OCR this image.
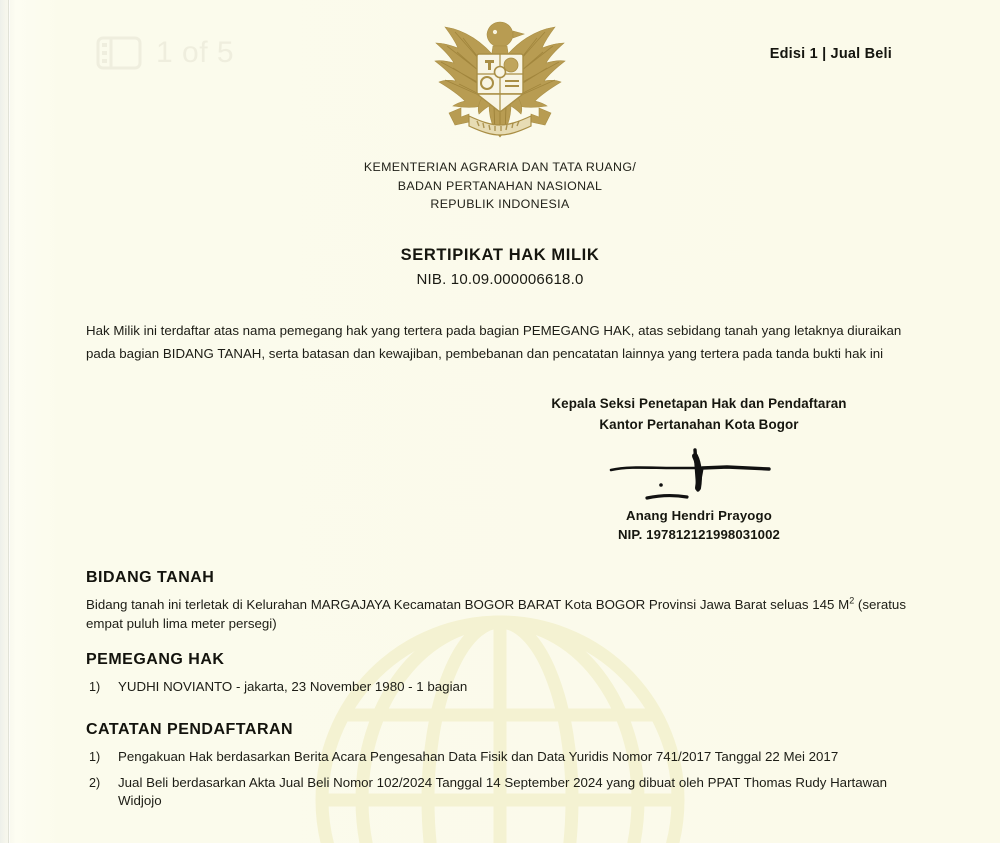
1 of 5	Edisi 1 | Jual Beli
KEMENTERIAN AGRARIA DAN TATA RUANG/
BADAN PERTANAHAN NASIONAL
REPUBLIK INDONESIA
SERTIPIKAT HAK MILIK
NIB. 10.09.000006618.0

Hak Milik ini terdaftar atas nama pemegang hak yang tertera pada bagian PEMEGANG HAK, atas sebidang tanah yang letaknya diuraikan pada bagian BIDANG TANAH, serta batasan dan kewajiban, pembebanan dan pencatatan lainnya yang tertera pada tanda bukti hak ini

Kepala Seksi Penetapan Hak dan Pendaftaran
Kantor Pertanahan Kota Bogor
Anang Hendri Prayogo
NIP. 197812121998031002
BIDANG TANAH
Bidang tanah ini terletak di Kelurahan MARGAJAYA Kecamatan BOGOR BARAT Kota BOGOR Provinsi Jawa Barat seluas 145 $M^2$ (seratus empat puluh lima meter persegi)
PEMEGANG HAK
1)	YUDHI NOVIANTO - jakarta, 23 November 1980 - 1 bagian
CATATAN PENDAFTARAN
1)	Pengakuan Hak berdasarkan Berita Acara Pengesahan Data Fisik dan Data Yuridis Nomor 741/2017 Tanggal 22 Mei 2017
2)	Jual Beli berdasarkan Akta Jual Beli Nomor 102/2024 Tanggal 14 September 2024 yang dibuat oleh PPAT Thomas Rudy Hartawan Widjojo
